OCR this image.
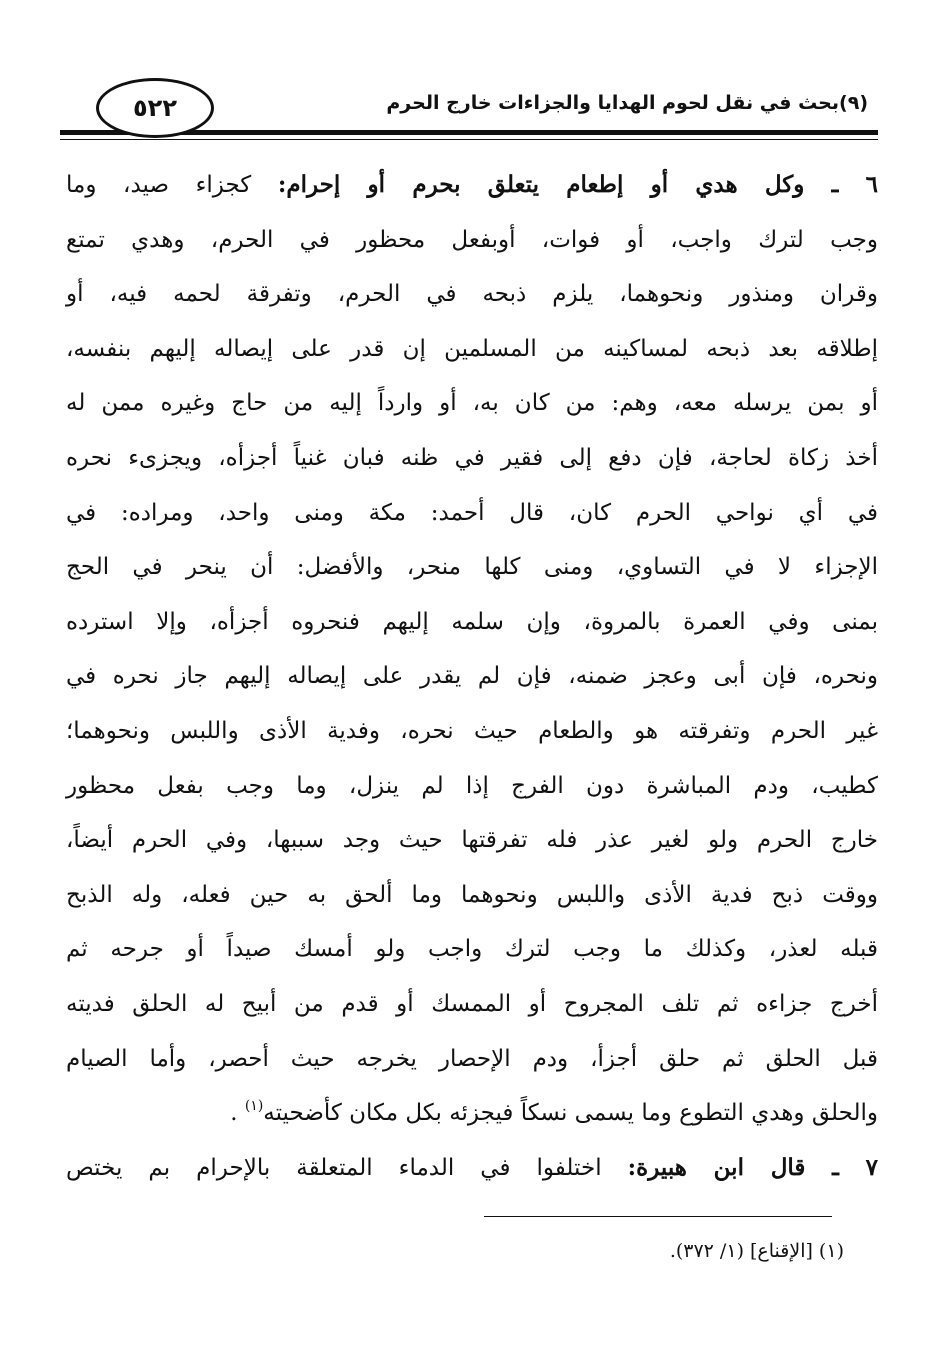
٥٢٢	(٩)بحث في نقل لحوم الهدايا والجزاءات خارج الحرم
٦ ـ وكل هدي أو إطعام يتعلق بحرم أو إحرام: كجزاء صيد، وما
وجب لترك واجب، أو فوات، أوبفعل محظور في الحرم، وهدي تمتع
وقران ومنذور ونحوهما، يلزم ذبحه في الحرم، وتفرقة لحمه فيه، أو
إطلاقه بعد ذبحه لمساكينه من المسلمين إن قدر على إيصاله إليهم بنفسه،
أو بمن يرسله معه، وهم: من كان به، أو وارداً إليه من حاج وغيره ممن له
أخذ زكاة لحاجة، فإن دفع إلى فقير في ظنه فبان غنياً أجزأه، ويجزىء نحره
في أي نواحي الحرم كان، قال أحمد: مكة ومنى واحد، ومراده: في
الإجزاء لا في التساوي، ومنى كلها منحر، والأفضل: أن ينحر في الحج
بمنى وفي العمرة بالمروة، وإن سلمه إليهم فنحروه أجزأه، وإلا استرده
ونحره، فإن أبى وعجز ضمنه، فإن لم يقدر على إيصاله إليهم جاز نحره في
غير الحرم وتفرقته هو والطعام حيث نحره، وفدية الأذى واللبس ونحوهما؛
كطيب، ودم المباشرة دون الفرج إذا لم ينزل، وما وجب بفعل محظور
خارج الحرم ولو لغير عذر فله تفرقتها حيث وجد سببها، وفي الحرم أيضاً،
ووقت ذبح فدية الأذى واللبس ونحوهما وما ألحق به حين فعله، وله الذبح
قبله لعذر، وكذلك ما وجب لترك واجب ولو أمسك صيداً أو جرحه ثم
أخرج جزاءه ثم تلف المجروح أو الممسك أو قدم من أبيح له الحلق فديته
قبل الحلق ثم حلق أجزأ، ودم الإحصار يخرجه حيث أحصر، وأما الصيام
والحلق وهدي التطوع وما يسمى نسكاً فيجزئه بكل مكان كأضحيته$^{(١)}$ .
٧ ـ قال ابن هبيرة: اختلفوا في الدماء المتعلقة بالإحرام بم يختص
(١) [الإقناع] (١/ ٣٧٢).
